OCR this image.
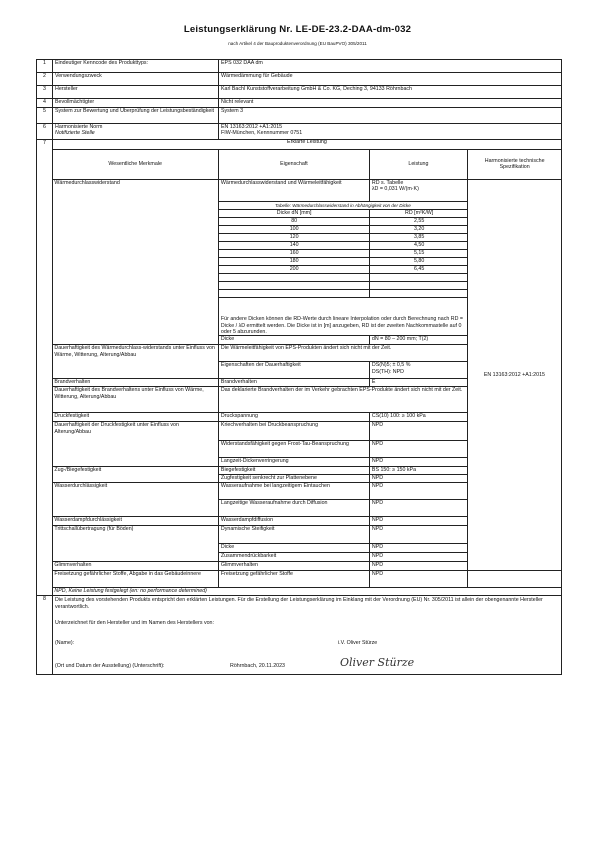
Leistungserklärung Nr. LE-DE-23.2-DAA-dm-032
nach Artikel 4 der Bauproduktenverordnung (EU BauPVO) 305/2011
1	Eindeutiger Kenncode des Produkttyps:	EPS 032 DAA dm
2	Verwendungszweck	Wärmedämmung für Gebäude
3	Hersteller	Karl Bachl Kunststoffverarbeitung GmbH & Co. KG, Deching 3, 94133 Röhrnbach
4	Bevollmächtigter	Nicht relevant
5	System zur Bewertung und Überprüfung der Leistungsbeständigkeit	System 3
6	Harmonisierte Norm
Notifizierte Stelle

EN 13163:2012 +A1:2015
FIW-München, Kennnummer 0751

7		Erklärte Leistung
Wesentliche Merkmale	Eigenschaft	Leistung	Harmonisierte technische Spezifikation
Wärmedurchlasswiderstand	Wärmedurchlasswiderstand und Wärmeleitfähigkeit	RD s. Tabelle
λD = 0,031 W/(m·K)
	EN 13163:2012 +A1:2015

Tabelle: Wärmedurchlasswiderstand in Abhängigkeit von der Dicke
Dicke dN [mm]	RD [m²K/W]
80	2,55
100	3,20
120	3,85
140	4,50
160	5,15
180	5,80
200	6,45

Für andere Dicken können die RD-Werte durch lineare Interpolation oder durch Berechnung nach RD = Dicke / λD ermittelt werden. Die Dicke ist in [m] anzugeben, RD ist der zweiten Nachkommastelle auf 0 oder 5 abzurunden.

Dicke	dN = 80 – 200 mm; T(2)
Dauerhaftigkeit des Wärmedurchlass-widerstands unter Einfluss von Wärme, Witterung, Alterung/Abbau	Die Wärmeleitfähigkeit von EPS-Produkten ändert sich nicht mit der Zeit.
Eigenschaften der Dauerhaftigkeit	DS(N)5; ± 0,5 %
DS(TH): NPD

Brandverhalten	Brandverhalten	E
Dauerhaftigkeit des Brandverhaltens unter Einfluss von Wärme, Witterung, Alterung/Abbau	Das deklarierte Brandverhalten der im Verkehr gebrachten EPS-Produkte ändert sich nicht mit der Zeit.
Druckfestigkeit	Druckspannung	CS(10) 100: ≥ 100 kPa
Dauerhaftigkeit der Druckfestigkeit unter Einfluss von Alterung/Abbau	Kriechverhalten bei Druckbeanspruchung	NPD
Widerstandsfähigkeit gegen Frost-Tau-Beanspruchung	NPD
Langzeit-Dickenverringerung	NPD
Zug-/Biegefestigkeit	Biegefestigkeit	BS 150: ≥ 150 kPa
Zugfestigkeit senkrecht zur Plattenebene	NPD
Wasserdurchlässigkeit	Wasseraufnahme bei langzeitigem Eintauchen	NPD
Langzeitige Wasseraufnahme durch Diffusion	NPD
Wasserdampfdurchlässigkeit	Wasserdampfdiffusion	NPD
Trittschallübertragung (für Böden)	Dynamische Steifigkeit	NPD
Dicke	NPD
Zusammendrückbarkeit	NPD
Glimmverhalten	Glimmverhalten	NPD	
Freisetzung gefährlicher Stoffe, Abgabe in das Gebäudeinnere	Freisetzung gefährlicher Stoffe	NPD	
NPD, Keine Leistung festgelegt (en: no performance determined)

8	Die Leistung des vorstehenden Produkts entspricht den erklärten Leistungen. Für die Erstellung der Leistungserklärung im Einklang mit der Verordnung (EU) Nr. 305/2011 ist allein der obengenannte Hersteller verantwortlich.
Unterzeichnet für den Hersteller und im Namen des Herstellers von:
(Name):	i.V. Oliver Stürze
(Ort und Datum der Ausstellung) (Unterschrift):	Röhrnbach, 20.11.2023	Oliver Stürze
